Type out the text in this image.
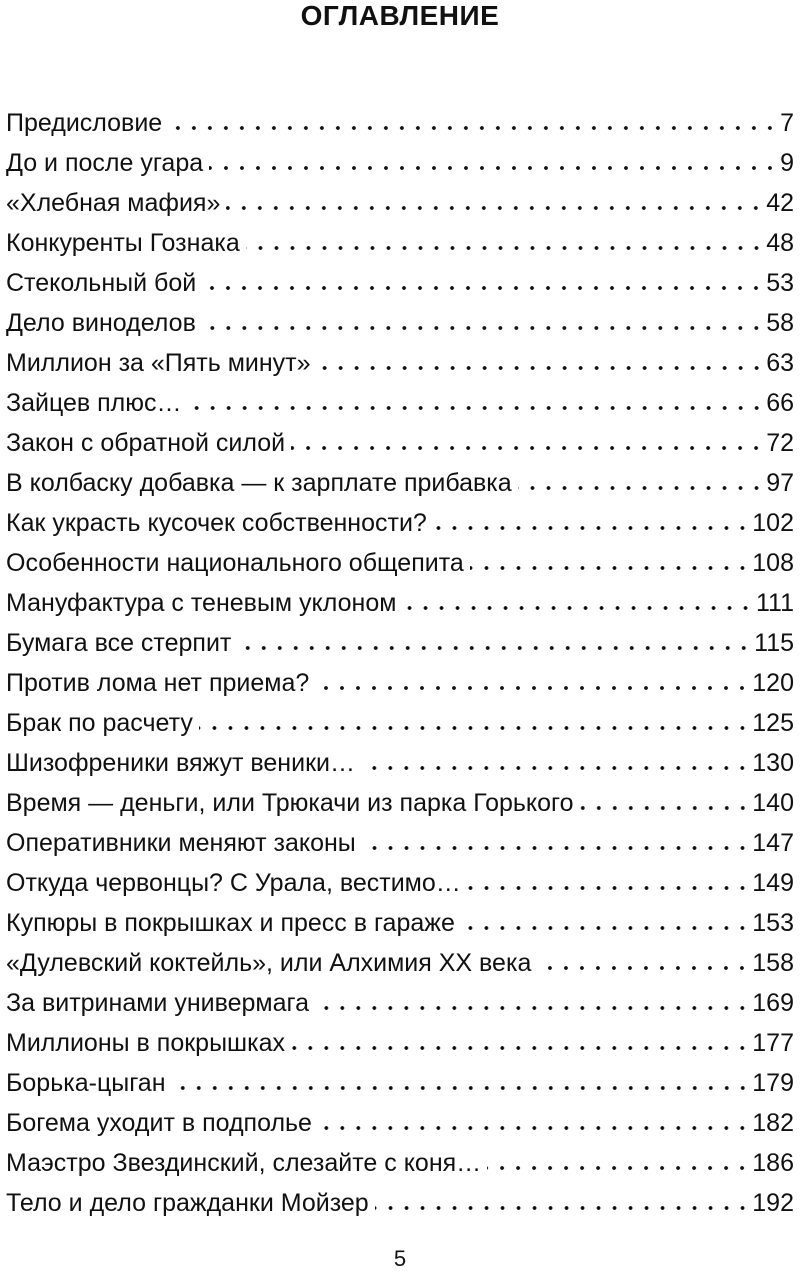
ОГЛАВЛЕНИЕ
Предисловие	7
До и после угара	9
«Хлебная мафия»	42
Конкуренты Гознака	48
Стекольный бой	53
Дело виноделов	58
Миллион за «Пять минут»	63
Зайцев плюс…	66
Закон с обратной силой	72
В колбаску добавка — к зарплате прибавка	97
Как украсть кусочек собственности?	102
Особенности национального общепита	108
Мануфактура с теневым уклоном	111
Бумага все стерпит	115
Против лома нет приема?	120
Брак по расчету	125
Шизофреники вяжут веники…	130
Время — деньги, или Трюкачи из парка Горького	140
Оперативники меняют законы	147
Откуда червонцы? С Урала, вестимо…	149
Купюры в покрышках и пресс в гараже	153
«Дулевский коктейль», или Алхимия XX века	158
За витринами универмага	169
Миллионы в покрышках	177
Борька-цыган	179
Богема уходит в подполье	182
Маэстро Звездинский, слезайте с коня…	186
Тело и дело гражданки Мойзер	192
5
